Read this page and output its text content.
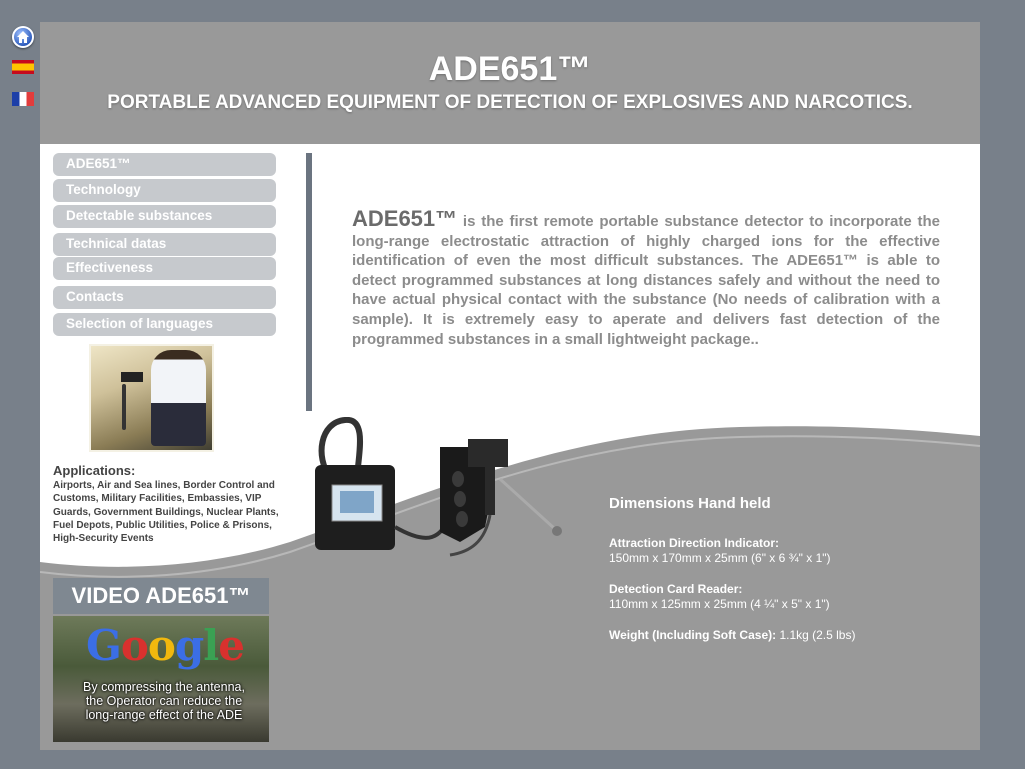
ADE651™
PORTABLE ADVANCED EQUIPMENT OF DETECTION OF EXPLOSIVES AND NARCOTICS.
ADE651™
Technology
Detectable substances
Technical datas
Effectiveness
Contacts
Selection of languages
Applications:
Airports, Air and Sea lines, Border Control and Customs, Military Facilities, Embassies, VIP Guards, Government Buildings, Nuclear Plants, Fuel Depots, Public Utilities, Police & Prisons, High-Security Events
ADE651™ is the first remote portable substance detector to incorporate the long-range electrostatic attraction of highly charged ions for the effective identification of even the most difficult substances. The ADE651™ is able to detect programmed substances at long distances safely and without the need to have actual physical contact with the substance (No needs of calibration with a sample). It is extremely easy to aperate and delivers fast detection of the programmed substances in a small lightweight package..
Dimensions Hand held
Attraction Direction Indicator:
150mm x 170mm x 25mm (6" x 6 ¾" x 1")
Detection Card Reader:
110mm x 125mm x 25mm (4 ¼" x 5" x 1")
Weight (Including Soft Case): 1.1kg (2.5 lbs)
VIDEO ADE651™
Google
By compressing the antenna, the Operator can reduce the long-range effect of the ADE
